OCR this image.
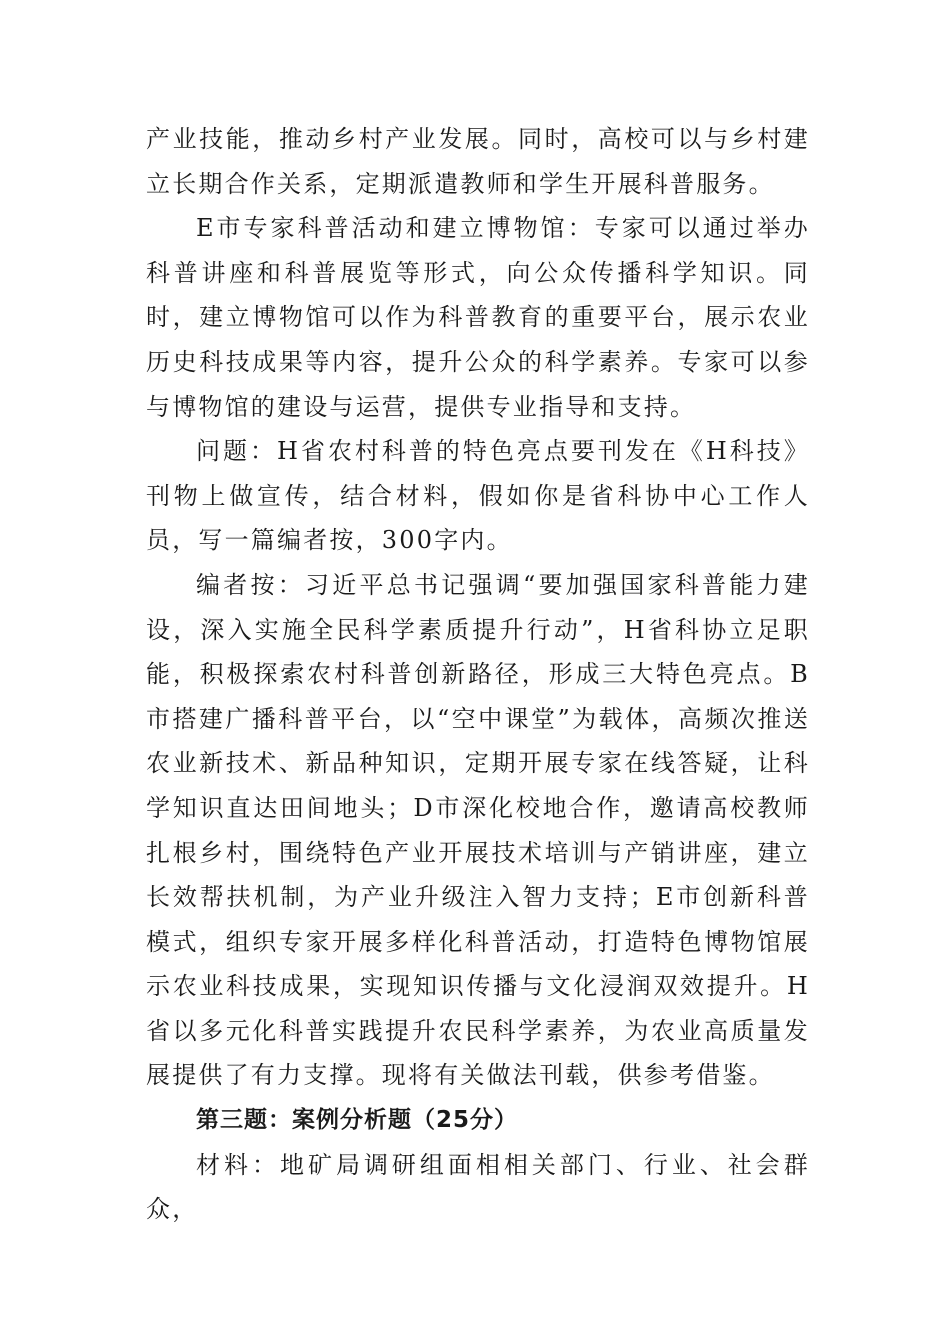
产业技能，推动乡村产业发展。同时，高校可以与乡村建立长期合作关系，定期派遣教师和学生开展科普服务。

E市专家科普活动和建立博物馆：专家可以通过举办科普讲座和科普展览等形式，向公众传播科学知识。同时，建立博物馆可以作为科普教育的重要平台，展示农业历史科技成果等内容，提升公众的科学素养。专家可以参与博物馆的建设与运营，提供专业指导和支持。

问题：H省农村科普的特色亮点要刊发在《H科技》刊物上做宣传，结合材料，假如你是省科协中心工作人员，写一篇编者按，300字内。

编者按：习近平总书记强调“要加强国家科普能力建设，深入实施全民科学素质提升行动”，H省科协立足职能，积极探索农村科普创新路径，形成三大特色亮点。B市搭建广播科普平台，以“空中课堂”为载体，高频次推送农业新技术、新品种知识，定期开展专家在线答疑，让科学知识直达田间地头；D市深化校地合作，邀请高校教师扎根乡村，围绕特色产业开展技术培训与产销讲座，建立长效帮扶机制，为产业升级注入智力支持；E市创新科普模式，组织专家开展多样化科普活动，打造特色博物馆展示农业科技成果，实现知识传播与文化浸润双效提升。H省以多元化科普实践提升农民科学素养，为农业高质量发展提供了有力支撑。现将有关做法刊载，供参考借鉴。

第三题：案例分析题（25分）

材料：地矿局调研组面相相关部门、行业、社会群众，
